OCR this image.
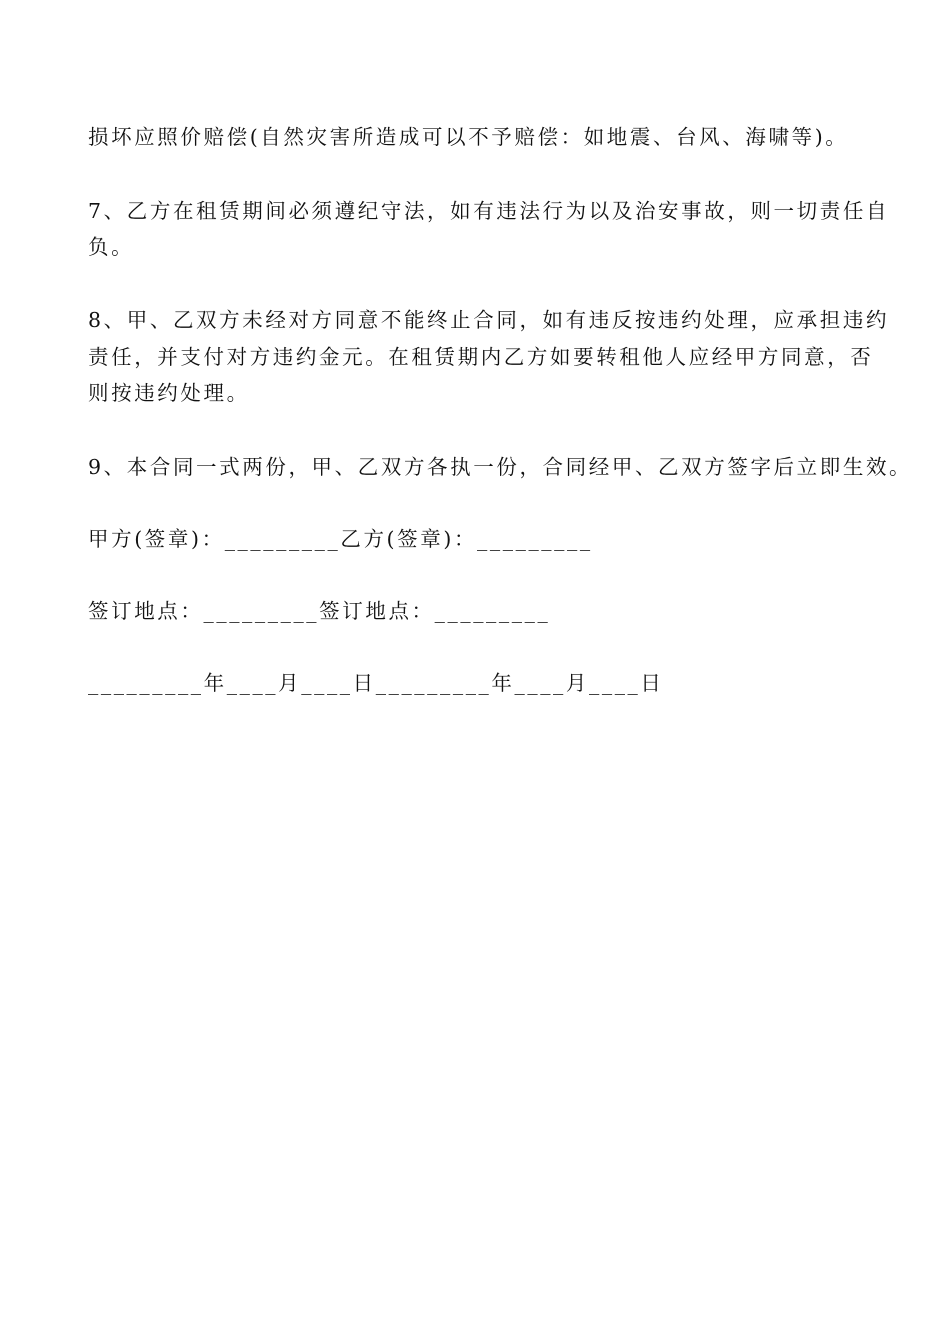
损坏应照价赔偿(自然灾害所造成可以不予赔偿：如地震、台风、海啸等)。
7、乙方在租赁期间必须遵纪守法，如有违法行为以及治安事故，则一切责任自
负。
8、甲、乙双方未经对方同意不能终止合同，如有违反按违约处理，应承担违约
责任，并支付对方违约金元。在租赁期内乙方如要转租他人应经甲方同意，否
则按违约处理。
9、本合同一式两份，甲、乙双方各执一份，合同经甲、乙双方签字后立即生效。
甲方(签章)：_________乙方(签章)：_________
签订地点：_________签订地点：_________
_________年____月____日_________年____月____日
